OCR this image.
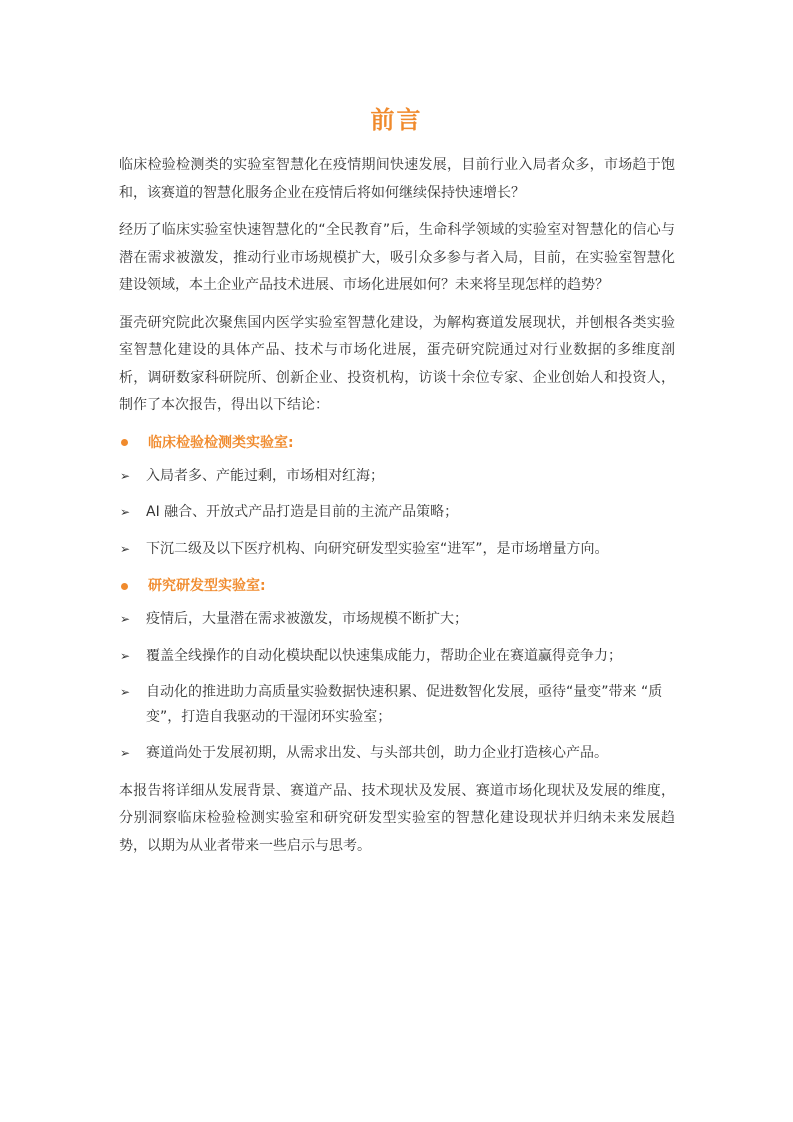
前言

临床检验检测类的实验室智慧化在疫情期间快速发展，目前行业入局者众多，市场趋于饱和，该赛道的智慧化服务企业在疫情后将如何继续保持快速增长？

经历了临床实验室快速智慧化的“全民教育”后，生命科学领域的实验室对智慧化的信心与潜在需求被激发，推动行业市场规模扩大，吸引众多参与者入局，目前，在实验室智慧化建设领域，本土企业产品技术进展、市场化进展如何？未来将呈现怎样的趋势？

蛋壳研究院此次聚焦国内医学实验室智慧化建设，为解构赛道发展现状，并刨根各类实验室智慧化建设的具体产品、技术与市场化进展，蛋壳研究院通过对行业数据的多维度剖析，调研数家科研院所、创新企业、投资机构，访谈十余位专家、企业创始人和投资人，制作了本次报告，得出以下结论：

临床检验检测类实验室:
➢	入局者多、产能过剩，市场相对红海；
➢	AI 融合、开放式产品打造是目前的主流产品策略；
➢	下沉二级及以下医疗机构、向研究研发型实验室“进军”，是市场增量方向。
研究研发型实验室:
➢	疫情后，大量潜在需求被激发，市场规模不断扩大；
➢	覆盖全线操作的自动化模块配以快速集成能力，帮助企业在赛道赢得竞争力；
➢	自动化的推进助力高质量实验数据快速积累、促进数智化发展，亟待“量变”带来 “质变”，打造自我驱动的干湿闭环实验室；
➢	赛道尚处于发展初期，从需求出发、与头部共创，助力企业打造核心产品。

本报告将详细从发展背景、赛道产品、技术现状及发展、赛道市场化现状及发展的维度，分别洞察临床检验检测实验室和研究研发型实验室的智慧化建设现状并归纳未来发展趋势，以期为从业者带来一些启示与思考。
